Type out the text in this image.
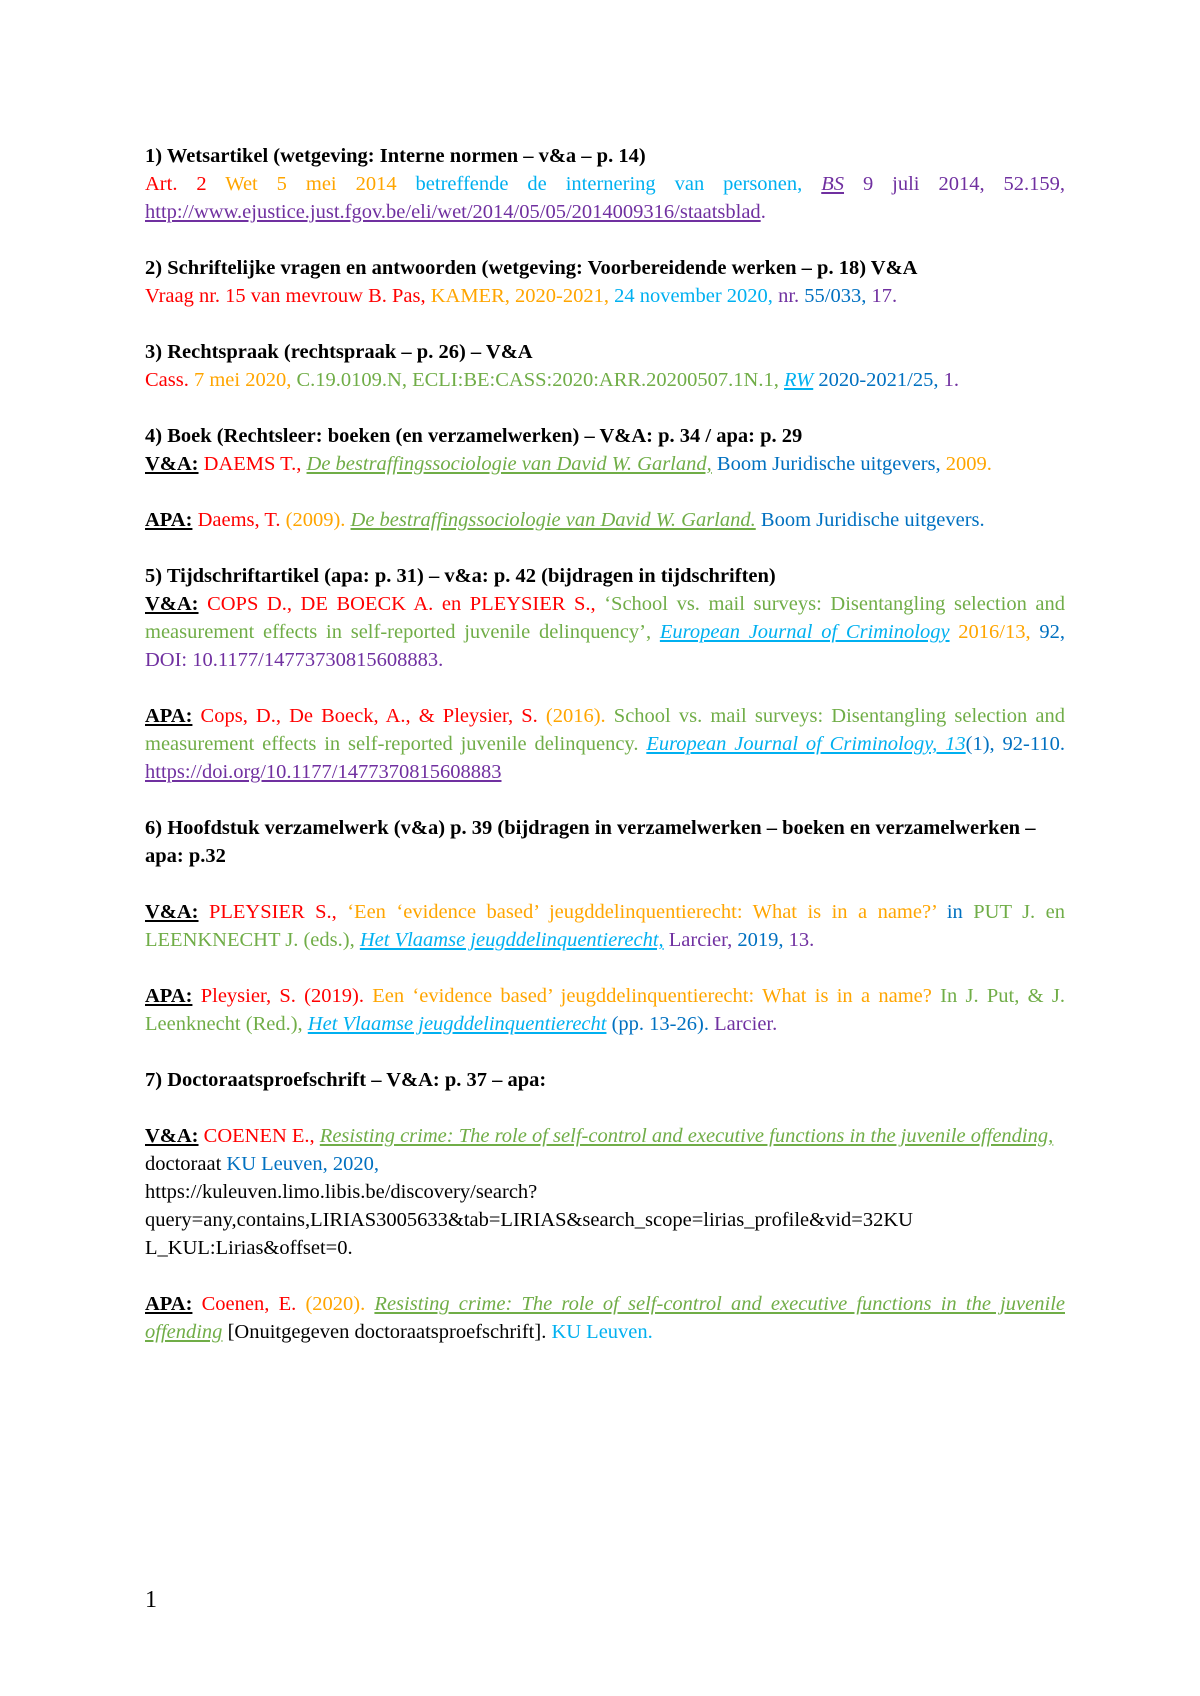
1) Wetsartikel (wetgeving: Interne normen – v&a – p. 14)

Art. 2 Wet 5 mei 2014 betreffende de internering van personen, BS 9 juli 2014, 52.159, http://www.ejustice.just.fgov.be/eli/wet/2014/05/05/2014009316/staatsblad.

2) Schriftelijke vragen en antwoorden (wetgeving: Voorbereidende werken – p. 18) V&A

Vraag nr. 15 van mevrouw B. Pas, KAMER, 2020-2021, 24 november 2020, nr. 55/033, 17.

3) Rechtspraak (rechtspraak – p. 26) – V&A

Cass. 7 mei 2020, C.19.0109.N, ECLI:BE:CASS:2020:ARR.20200507.1N.1, RW 2020-2021/25, 1.

4) Boek (Rechtsleer: boeken (en verzamelwerken) – V&A: p. 34 / apa: p. 29

V&A: DAEMS T., De bestraffingssociologie van David W. Garland, Boom Juridische uitgevers, 2009.

APA: Daems, T. (2009). De bestraffingssociologie van David W. Garland. Boom Juridische uitgevers.

5) Tijdschriftartikel (apa: p. 31) – v&a: p. 42 (bijdragen in tijdschriften)

V&A: COPS D., DE BOECK A. en PLEYSIER S., ‘School vs. mail surveys: Disentangling selection and measurement effects in self-reported juvenile delinquency’, European Journal of Criminology 2016/13, 92, DOI: 10.1177/14773730815608883.

APA: Cops, D., De Boeck, A., & Pleysier, S. (2016). School vs. mail surveys: Disentangling selection and measurement effects in self-reported juvenile delinquency. European Journal of Criminology, 13(1), 92-110. https://doi.org/10.1177/1477370815608883

6) Hoofdstuk verzamelwerk (v&a) p. 39 (bijdragen in verzamelwerken – boeken en verzamelwerken – apa: p.32

V&A: PLEYSIER S., ‘Een ‘evidence based’ jeugddelinquentierecht: What is in a name?’ in PUT J. en LEENKNECHT J. (eds.), Het Vlaamse jeugddelinquentierecht, Larcier, 2019, 13.

APA: Pleysier, S. (2019). Een ‘evidence based’ jeugddelinquentierecht: What is in a name? In J. Put, & J. Leenknecht (Red.), Het Vlaamse jeugddelinquentierecht (pp. 13-26). Larcier.

7) Doctoraatsproefschrift – V&A: p. 37 – apa:

V&A: COENEN E., Resisting crime: The role of self-control and executive functions in the juvenile offending, doctoraat KU Leuven, 2020,
https://kuleuven.limo.libis.be/discovery/search?
query=any,contains,LIRIAS3005633&tab=LIRIAS&search_scope=lirias_profile&vid=32KU
L_KUL:Lirias&offset=0.

APA: Coenen, E. (2020). Resisting crime: The role of self-control and executive functions in the juvenile offending [Onuitgegeven doctoraatsproefschrift]. KU Leuven.

1
